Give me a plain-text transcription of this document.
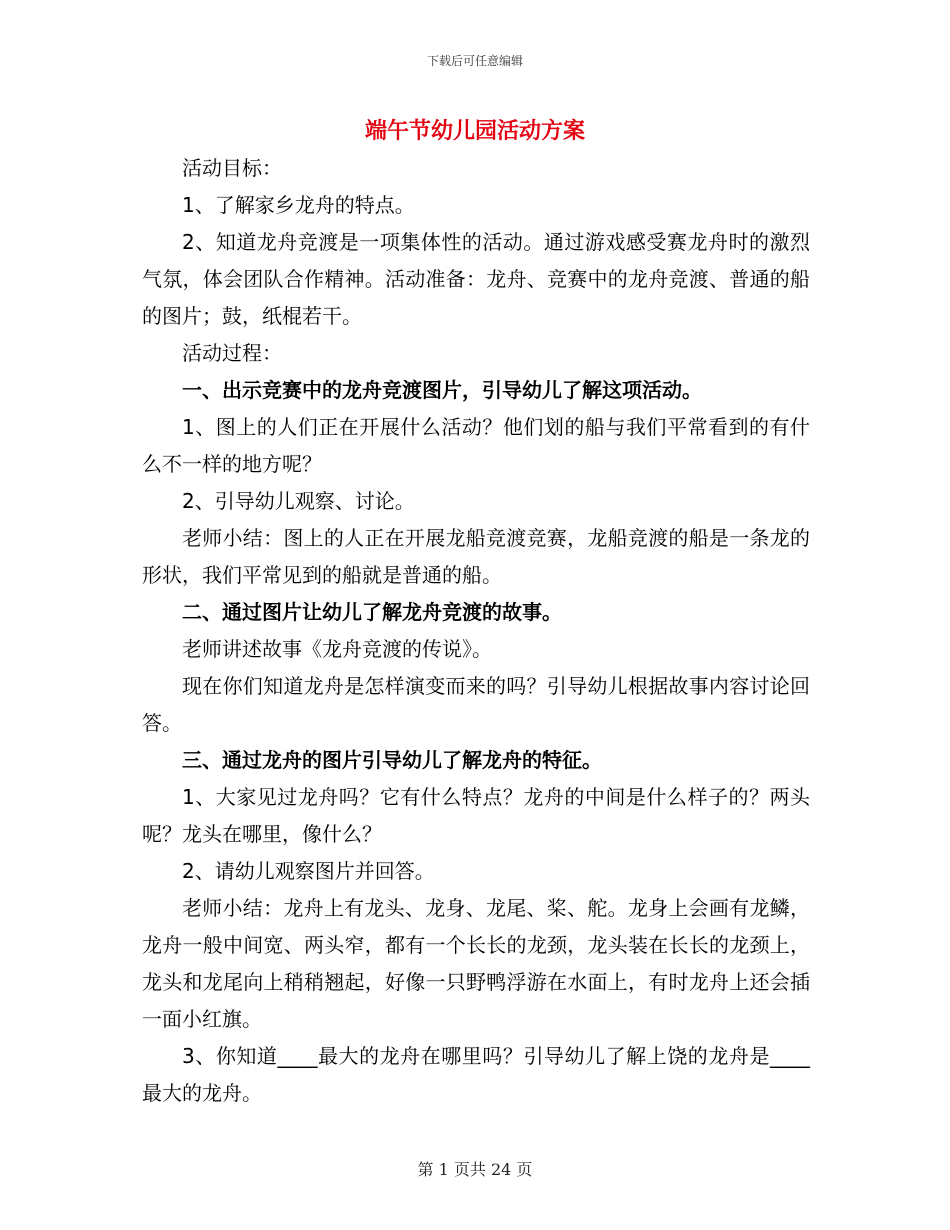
下载后可任意编辑
端午节幼儿园活动方案

活动目标：

1、了解家乡龙舟的特点。

2、知道龙舟竞渡是一项集体性的活动。通过游戏感受赛龙舟时的激烈气氛，体会团队合作精神。活动准备：龙舟、竞赛中的龙舟竞渡、普通的船的图片；鼓，纸棍若干。

活动过程：

一、出示竞赛中的龙舟竞渡图片，引导幼儿了解这项活动。

1、图上的人们正在开展什么活动？他们划的船与我们平常看到的有什么不一样的地方呢？

2、引导幼儿观察、讨论。

老师小结：图上的人正在开展龙船竞渡竞赛，龙船竞渡的船是一条龙的形状，我们平常见到的船就是普通的船。

二、通过图片让幼儿了解龙舟竞渡的故事。

老师讲述故事《龙舟竞渡的传说》。

现在你们知道龙舟是怎样演变而来的吗？引导幼儿根据故事内容讨论回答。

三、通过龙舟的图片引导幼儿了解龙舟的特征。

1、大家见过龙舟吗？它有什么特点？龙舟的中间是什么样子的？两头呢？龙头在哪里，像什么？

2、请幼儿观察图片并回答。

老师小结：龙舟上有龙头、龙身、龙尾、桨、舵。龙身上会画有龙鳞，龙舟一般中间宽、两头窄，都有一个长长的龙颈，龙头装在长长的龙颈上，龙头和龙尾向上稍稍翘起，好像一只野鸭浮游在水面上，有时龙舟上还会插一面小红旗。

3、你知道____最大的龙舟在哪里吗？引导幼儿了解上饶的龙舟是____最大的龙舟。

第 1 页共 24 页
